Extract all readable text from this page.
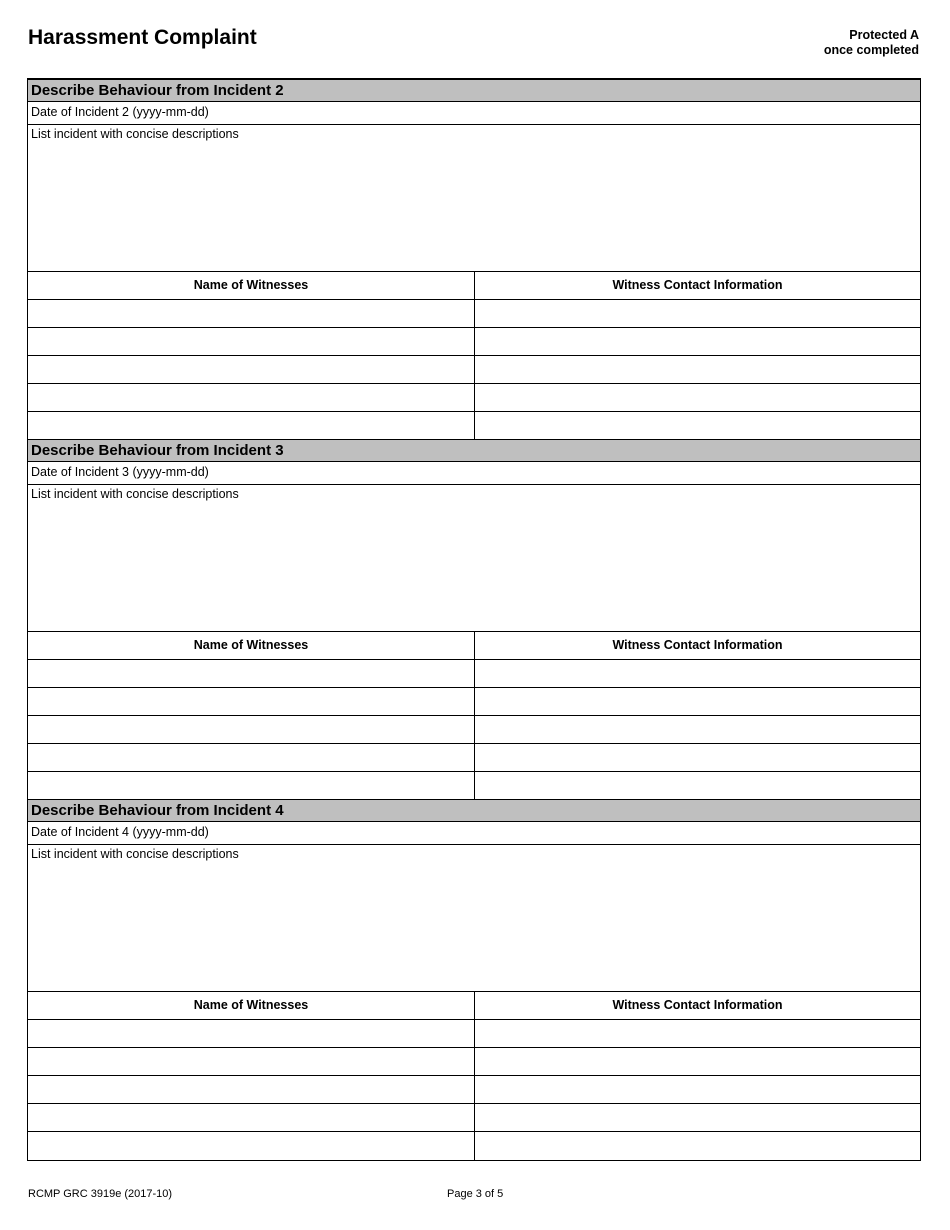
Harassment Complaint	Protected A
once completed
Describe Behaviour from Incident 2
Date of Incident 2 (yyyy-mm-dd)
List incident with concise descriptions
Name of Witnesses	Witness Contact Information
Describe Behaviour from Incident 3
Date of Incident 3 (yyyy-mm-dd)
List incident with concise descriptions
Name of Witnesses	Witness Contact Information
Describe Behaviour from Incident 4
Date of Incident 4 (yyyy-mm-dd)
List incident with concise descriptions
Name of Witnesses	Witness Contact Information
RCMP GRC 3919e (2017-10)	Page 3 of 5
